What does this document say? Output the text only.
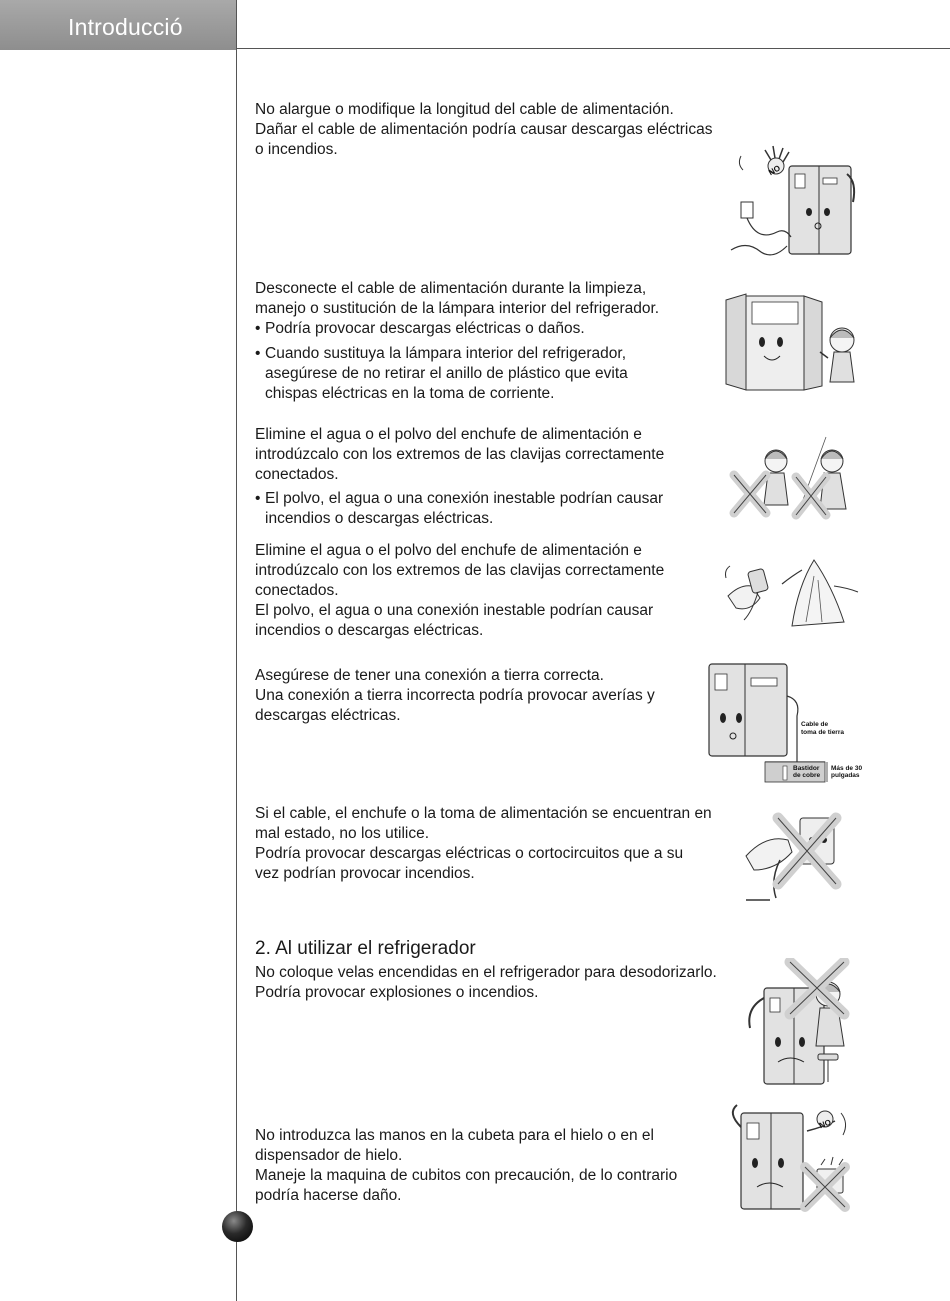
Introducció

No alargue o modifique la longitud del cable de alimentación.

Dañar el cable de alimentación podría causar descargas eléctricas

o incendios.

Desconecte el cable de alimentación durante la limpieza,

manejo o sustitución de la lámpara interior del refrigerador.

• Podría provocar descargas eléctricas o daños.

• Cuando sustituya la lámpara interior del refrigerador,

asegúrese de no retirar el anillo de plástico que evita

chispas eléctricas en la toma de corriente.

Elimine el agua o el polvo del enchufe de alimentación e

introdúzcalo con los extremos de las clavijas correctamente

conectados.

• El polvo, el agua o una conexión inestable podrían causar

incendios o descargas eléctricas.

Elimine el agua o el polvo del enchufe de alimentación e

introdúzcalo con los extremos de las clavijas correctamente

conectados.

El polvo, el agua o una conexión inestable podrían causar

incendios o descargas eléctricas.

Asegúrese de tener una conexión a tierra correcta.

Una conexión a tierra incorrecta podría provocar averías y

descargas eléctricas.

Si el cable, el enchufe o la toma de alimentación se encuentran en

mal estado, no los utilice.

Podría provocar descargas eléctricas o cortocircuitos que a su

vez podrían provocar incendios.

2. Al utilizar el refrigerador

No coloque velas encendidas en el refrigerador para desodorizarlo.

Podría provocar explosiones o incendios.

No introduzca las manos en la cubeta para el hielo o en el

dispensador de hielo.

Maneje la maquina de cubitos con precaución, de lo contrario

podría hacerse daño.

NO
Cable de
toma de tierra
Bastidor
de cobre
Más de 30
pulgadas
NO
